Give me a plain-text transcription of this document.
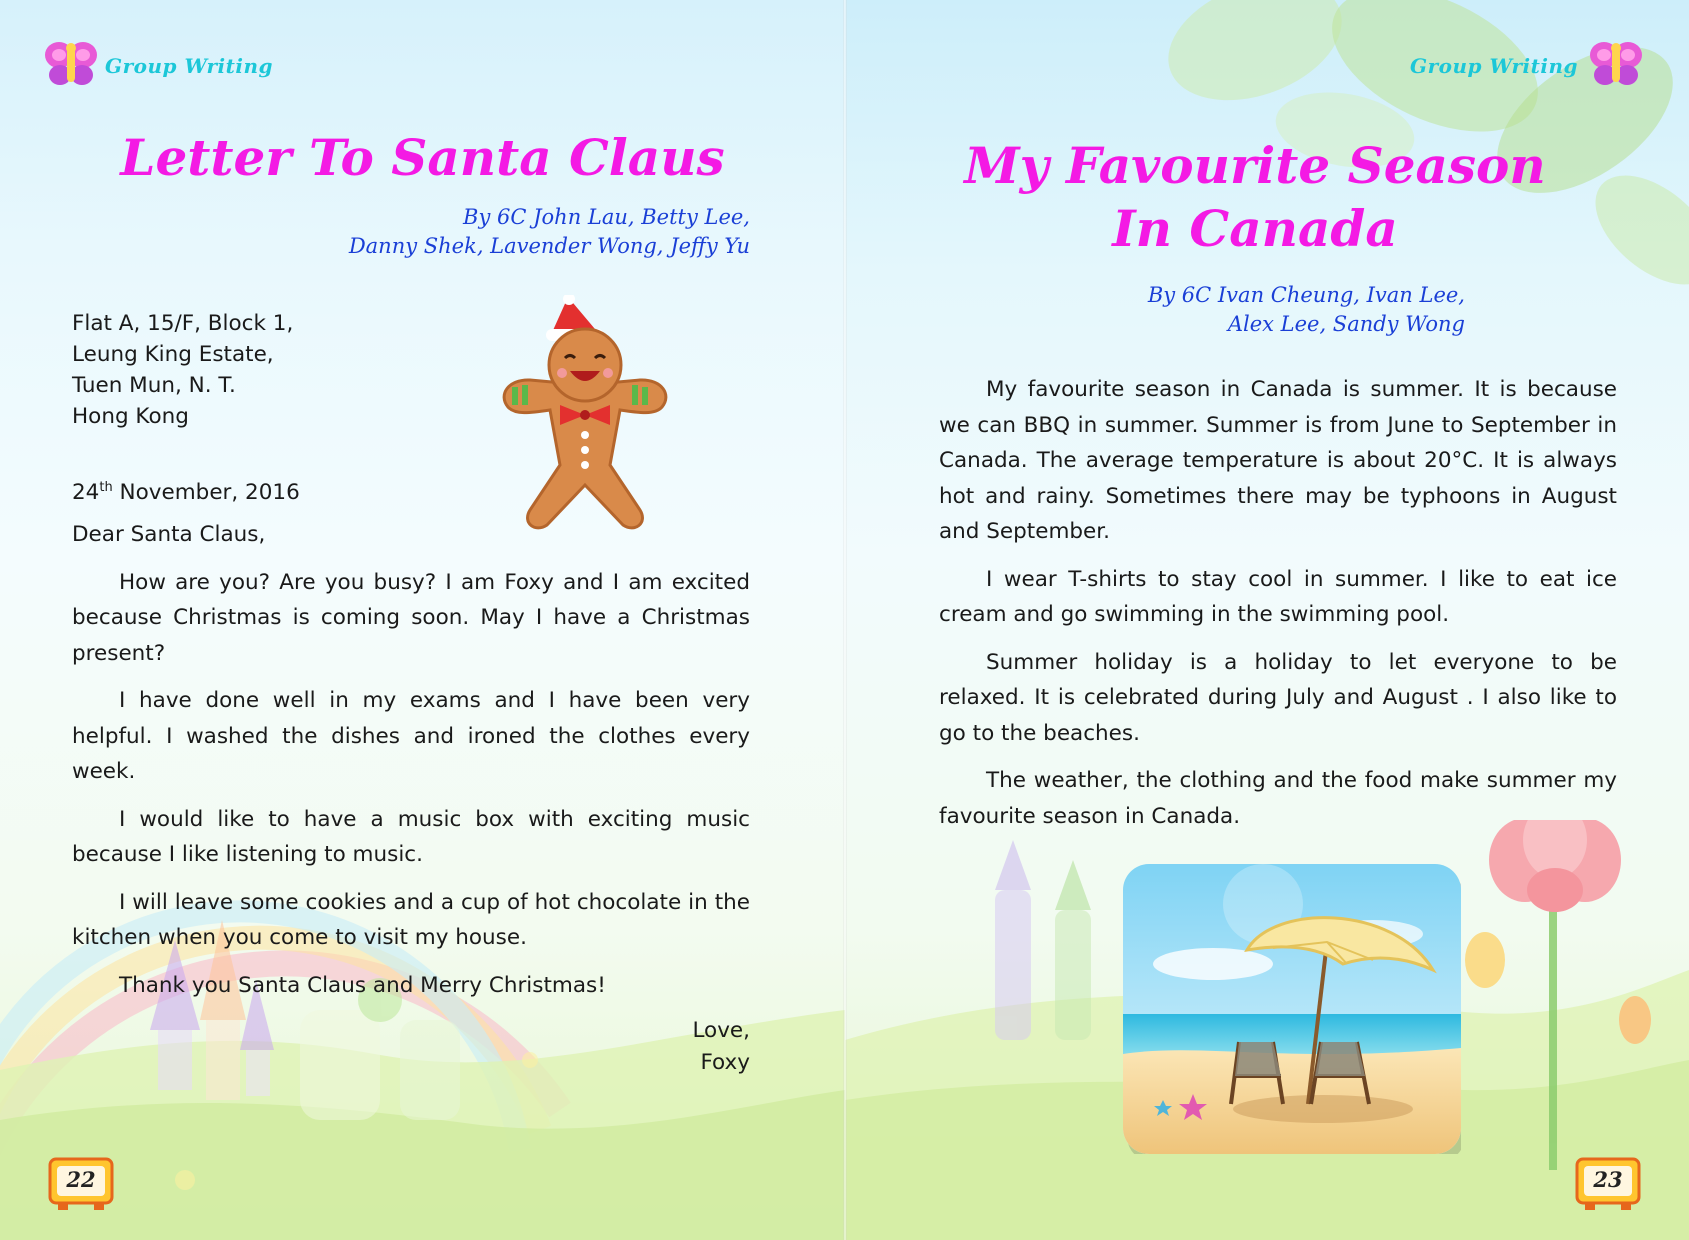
Group Writing
Letter To Santa Claus
By 6C John Lau, Betty Lee,
Danny Shek, Lavender Wong, Jeffy Yu
Flat A, 15/F, Block 1,
Leung King Estate,
Tuen Mun, N. T.
Hong Kong
24th November, 2016
Dear Santa Claus,

How are you? Are you busy? I am Foxy and I am excited because Christmas is coming soon. May I have a Christmas present?

I have done well in my exams and I have been very helpful. I washed the dishes and ironed the clothes every week.

I would like to have a music box with exciting music because I like listening to music.

I will leave some cookies and a cup of hot chocolate in the kitchen when you come to visit my house.

Thank you Santa Claus and Merry Christmas!

Love,
Foxy
22
Group Writing
My Favourite Season
In Canada
By 6C Ivan Cheung, Ivan Lee,
Alex Lee, Sandy Wong

My favourite season in Canada is summer. It is because we can BBQ in summer. Summer is from June to September in Canada. The average temperature is about 20°C. It is always hot and rainy. Sometimes there may be typhoons in August and September.

I wear T-shirts to stay cool in summer. I like to eat ice cream and go swimming in the swimming pool.

Summer holiday is a holiday to let everyone to be relaxed. It is celebrated during July and August . I also like to go to the beaches.

The weather, the clothing and the food make summer my favourite season in Canada.

23
